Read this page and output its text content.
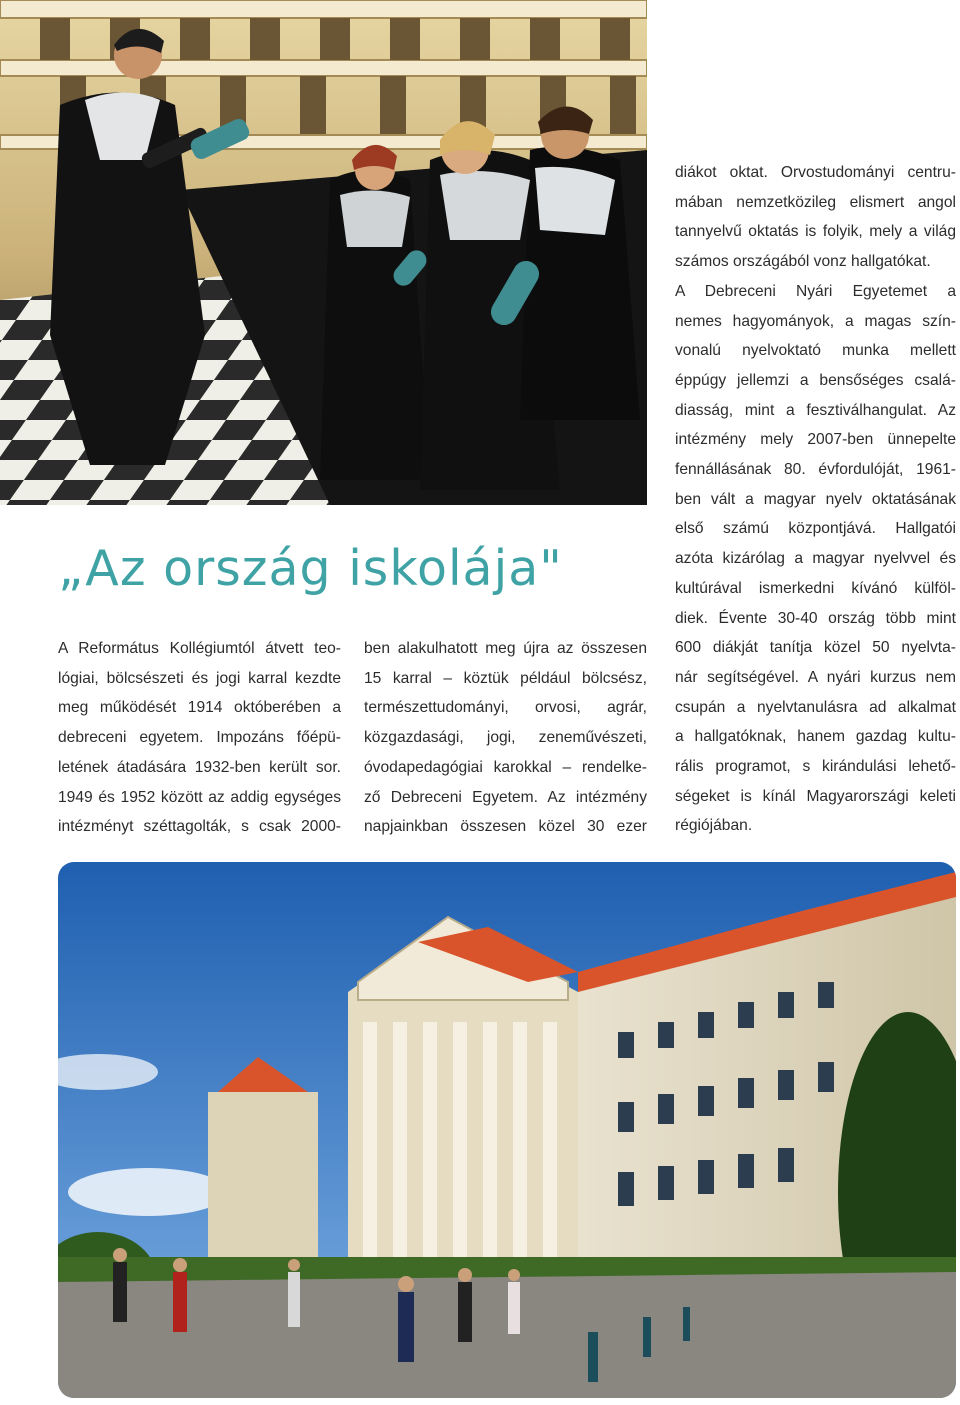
„Az ország iskolája"

A Református Kollégiumtól átvett teo-
lógiai, bölcsészeti és jogi karral kezdte
meg működését 1914 októberében a
debreceni egyetem. Impozáns főépü-
letének átadására 1932-ben került sor.
1949 és 1952 között az addig egységes
intézményt széttagolták, s csak 2000-

ben alakulhatott meg újra az összesen
15 karral – köztük például bölcsész,
természettudományi, orvosi, agrár,
közgazdasági, jogi, zeneművészeti,
óvodapedagógiai karokkal – rendelke-
ző Debreceni Egyetem. Az intézmény
napjainkban összesen közel 30 ezer

diákot oktat. Orvostudományi centru-
mában nemzetközileg elismert angol
tannyelvű oktatás is folyik, mely a világ
számos országából vonz hallgatókat.
A Debreceni Nyári Egyetemet a
nemes hagyományok, a magas szín-
vonalú nyelvoktató munka mellett
éppúgy jellemzi a bensőséges csalá-
diasság, mint a fesztiválhangulat. Az
intézmény mely 2007-ben ünnepelte
fennállásának 80. évfordulóját, 1961-
ben vált a magyar nyelv oktatásának
első számú központjává. Hallgatói
azóta kizárólag a magyar nyelvvel és
kultúrával ismerkedni kívánó külföl-
diek. Évente 30-40 ország több mint
600 diákját tanítja közel 50 nyelvta-
nár segítségével. A nyári kurzus nem
csupán a nyelvtanulásra ad alkalmat
a hallgatóknak, hanem gazdag kultu-
rális programot, s kirándulási lehető-
ségeket is kínál Magyarországi keleti
régiójában.
